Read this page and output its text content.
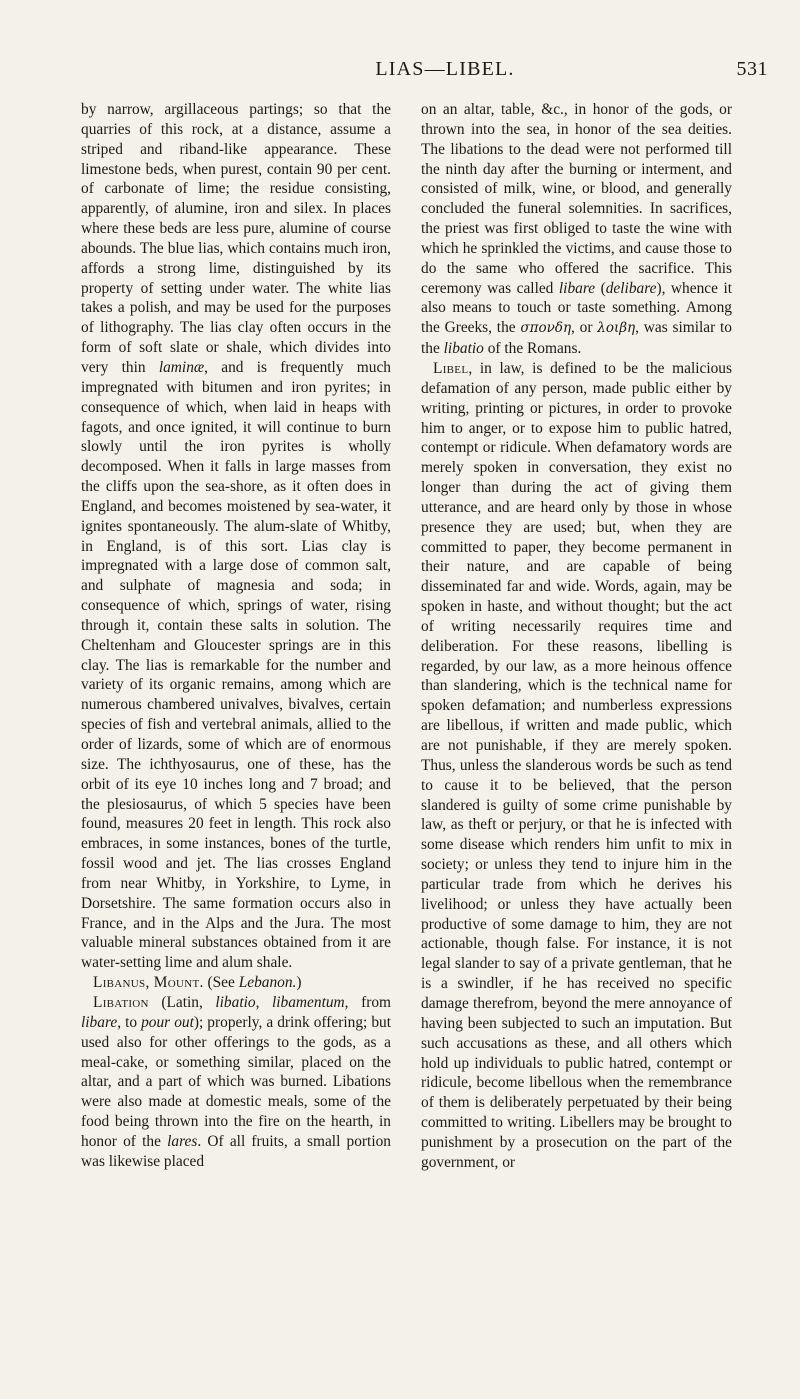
LIAS—LIBEL.	531

by narrow, argillaceous partings; so that the quarries of this rock, at a distance, assume a striped and riband-like appearance. These limestone beds, when purest, contain 90 per cent. of carbonate of lime; the residue consisting, apparently, of alumine, iron and silex. In places where these beds are less pure, alumine of course abounds. The blue lias, which contains much iron, affords a strong lime, distinguished by its property of setting under water. The white lias takes a polish, and may be used for the purposes of lithography. The lias clay often occurs in the form of soft slate or shale, which divides into very thin laminæ, and is frequently much impregnated with bitumen and iron pyrites; in consequence of which, when laid in heaps with fagots, and once ignited, it will continue to burn slowly until the iron pyrites is wholly decomposed. When it falls in large masses from the cliffs upon the sea-shore, as it often does in England, and becomes moistened by sea-water, it ignites spontaneously. The alum-slate of Whitby, in England, is of this sort. Lias clay is impregnated with a large dose of common salt, and sulphate of magnesia and soda; in consequence of which, springs of water, rising through it, contain these salts in solution. The Cheltenham and Gloucester springs are in this clay. The lias is remarkable for the number and variety of its organic remains, among which are numerous chambered univalves, bivalves, certain species of fish and vertebral animals, allied to the order of lizards, some of which are of enormous size. The ichthyosaurus, one of these, has the orbit of its eye 10 inches long and 7 broad; and the plesiosaurus, of which 5 species have been found, measures 20 feet in length. This rock also embraces, in some instances, bones of the turtle, fossil wood and jet. The lias crosses England from near Whitby, in Yorkshire, to Lyme, in Dorsetshire. The same formation occurs also in France, and in the Alps and the Jura. The most valuable mineral substances obtained from it are water-setting lime and alum shale.

Libanus, Mount. (See Lebanon.)

Libation (Latin, libatio, libamentum, from libare, to pour out); properly, a drink offering; but used also for other offerings to the gods, as a meal-cake, or something similar, placed on the altar, and a part of which was burned. Libations were also made at domestic meals, some of the food being thrown into the fire on the hearth, in honor of the lares. Of all fruits, a small portion was likewise placed

on an altar, table, &c., in honor of the gods, or thrown into the sea, in honor of the sea deities. The libations to the dead were not performed till the ninth day after the burning or interment, and consisted of milk, wine, or blood, and generally concluded the funeral solemnities. In sacrifices, the priest was first obliged to taste the wine with which he sprinkled the victims, and cause those to do the same who offered the sacrifice. This ceremony was called libare (delibare), whence it also means to touch or taste something. Among the Greeks, the σπονδη, or λοιβη, was similar to the libatio of the Romans.

Libel, in law, is defined to be the malicious defamation of any person, made public either by writing, printing or pictures, in order to provoke him to anger, or to expose him to public hatred, contempt or ridicule. When defamatory words are merely spoken in conversation, they exist no longer than during the act of giving them utterance, and are heard only by those in whose presence they are used; but, when they are committed to paper, they become permanent in their nature, and are capable of being disseminated far and wide. Words, again, may be spoken in haste, and without thought; but the act of writing necessarily requires time and deliberation. For these reasons, libelling is regarded, by our law, as a more heinous offence than slandering, which is the technical name for spoken defamation; and numberless expressions are libellous, if written and made public, which are not punishable, if they are merely spoken. Thus, unless the slanderous words be such as tend to cause it to be believed, that the person slandered is guilty of some crime punishable by law, as theft or perjury, or that he is infected with some disease which renders him unfit to mix in society; or unless they tend to injure him in the particular trade from which he derives his livelihood; or unless they have actually been productive of some damage to him, they are not actionable, though false. For instance, it is not legal slander to say of a private gentleman, that he is a swindler, if he has received no specific damage therefrom, beyond the mere annoyance of having been subjected to such an imputation. But such accusations as these, and all others which hold up individuals to public hatred, contempt or ridicule, become libellous when the remembrance of them is deliberately perpetuated by their being committed to writing. Libellers may be brought to punishment by a prosecution on the part of the government, or
